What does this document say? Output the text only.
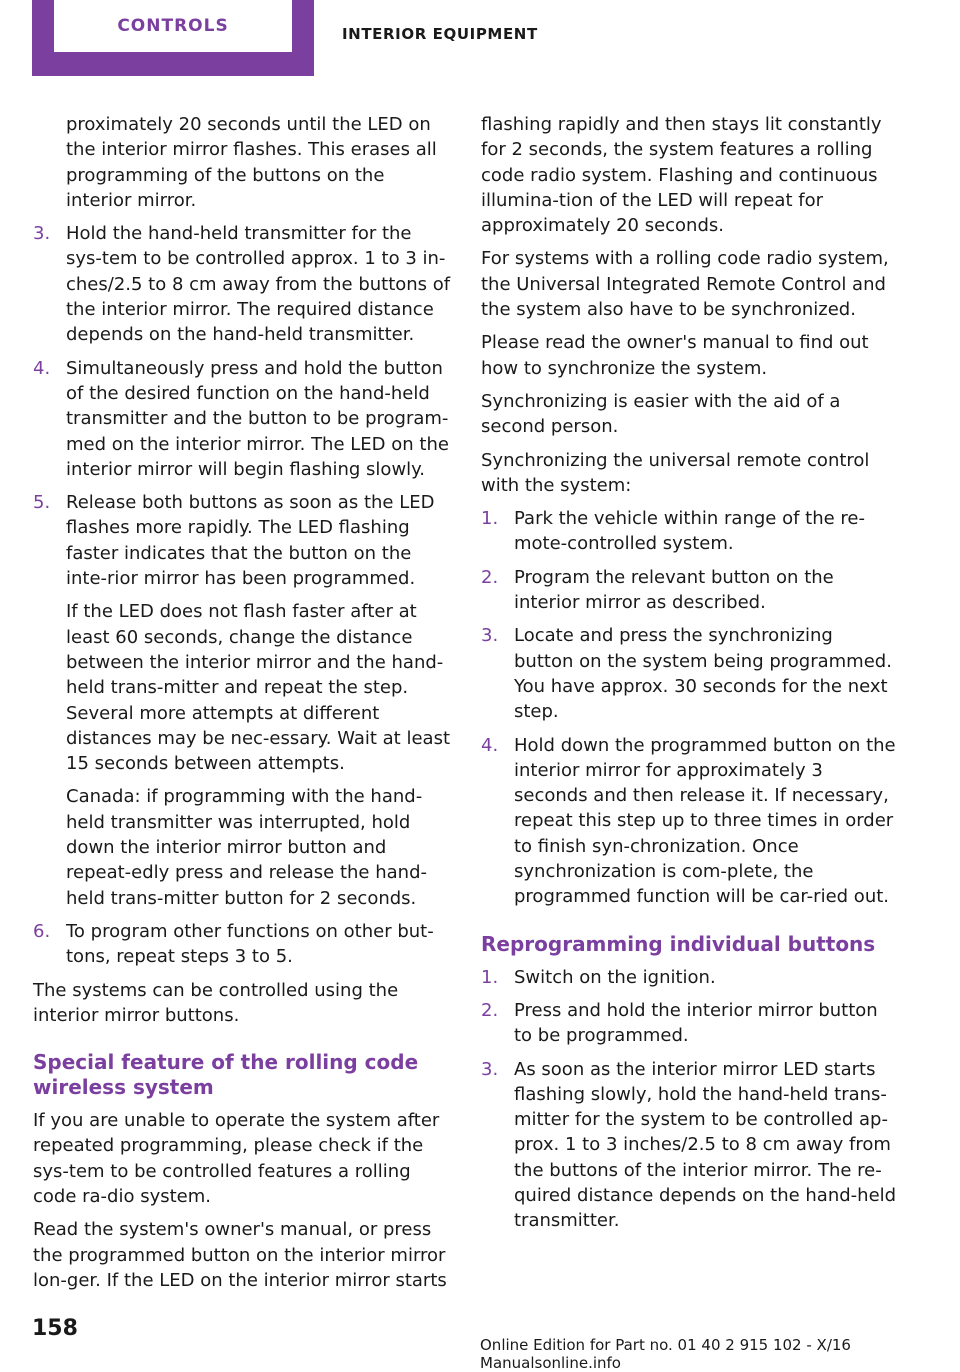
CONTROLS	INTERIOR EQUIPMENT

proximately 20 seconds until the LED on the interior mirror flashes. This erases all programming of the buttons on the interior mirror.

3. Hold the hand-held transmitter for the sys-tem to be controlled approx. 1 to 3 in-ches/2.5 to 8 cm away from the buttons of the interior mirror. The required distance depends on the hand-held transmitter.
4. Simultaneously press and hold the button of the desired function on the hand-held transmitter and the button to be program-med on the interior mirror. The LED on the interior mirror will begin flashing slowly.
5. Release both buttons as soon as the LED flashes more rapidly. The LED flashing faster indicates that the button on the inte-rior mirror has been programmed.

If the LED does not flash faster after at least 60 seconds, change the distance between the interior mirror and the hand-held trans-mitter and repeat the step. Several more attempts at different distances may be nec-essary. Wait at least 15 seconds between attempts.

Canada: if programming with the hand-held transmitter was interrupted, hold down the interior mirror button and repeat-edly press and release the hand-held trans-mitter button for 2 seconds.

6. To program other functions on other but-tons, repeat steps 3 to 5.

The systems can be controlled using the interior mirror buttons.

Special feature of the rolling code wireless system

If you are unable to operate the system after repeated programming, please check if the sys-tem to be controlled features a rolling code ra-dio system.

Read the system's owner's manual, or press the programmed button on the interior mirror lon-ger. If the LED on the interior mirror starts

flashing rapidly and then stays lit constantly for 2 seconds, the system features a rolling code radio system. Flashing and continuous illumina-tion of the LED will repeat for approximately 20 seconds.

For systems with a rolling code radio system, the Universal Integrated Remote Control and the system also have to be synchronized.

Please read the owner's manual to find out how to synchronize the system.

Synchronizing is easier with the aid of a second person.

Synchronizing the universal remote control with the system:

1. Park the vehicle within range of the re-mote-controlled system.
2. Program the relevant button on the interior mirror as described.
3. Locate and press the synchronizing button on the system being programmed. You have approx. 30 seconds for the next step.
4. Hold down the programmed button on the interior mirror for approximately 3 seconds and then release it. If necessary, repeat this step up to three times in order to finish syn-chronization. Once synchronization is com-plete, the programmed function will be car-ried out.
Reprogramming individual buttons
1. Switch on the ignition.
2. Press and hold the interior mirror button to be programmed.
3. As soon as the interior mirror LED starts flashing slowly, hold the hand-held trans-mitter for the system to be controlled ap-prox. 1 to 3 inches/2.5 to 8 cm away from the buttons of the interior mirror. The re-quired distance depends on the hand-held transmitter.
158
Online Edition for Part no. 01 40 2 915 102 - X/16 Manualsonline.info
